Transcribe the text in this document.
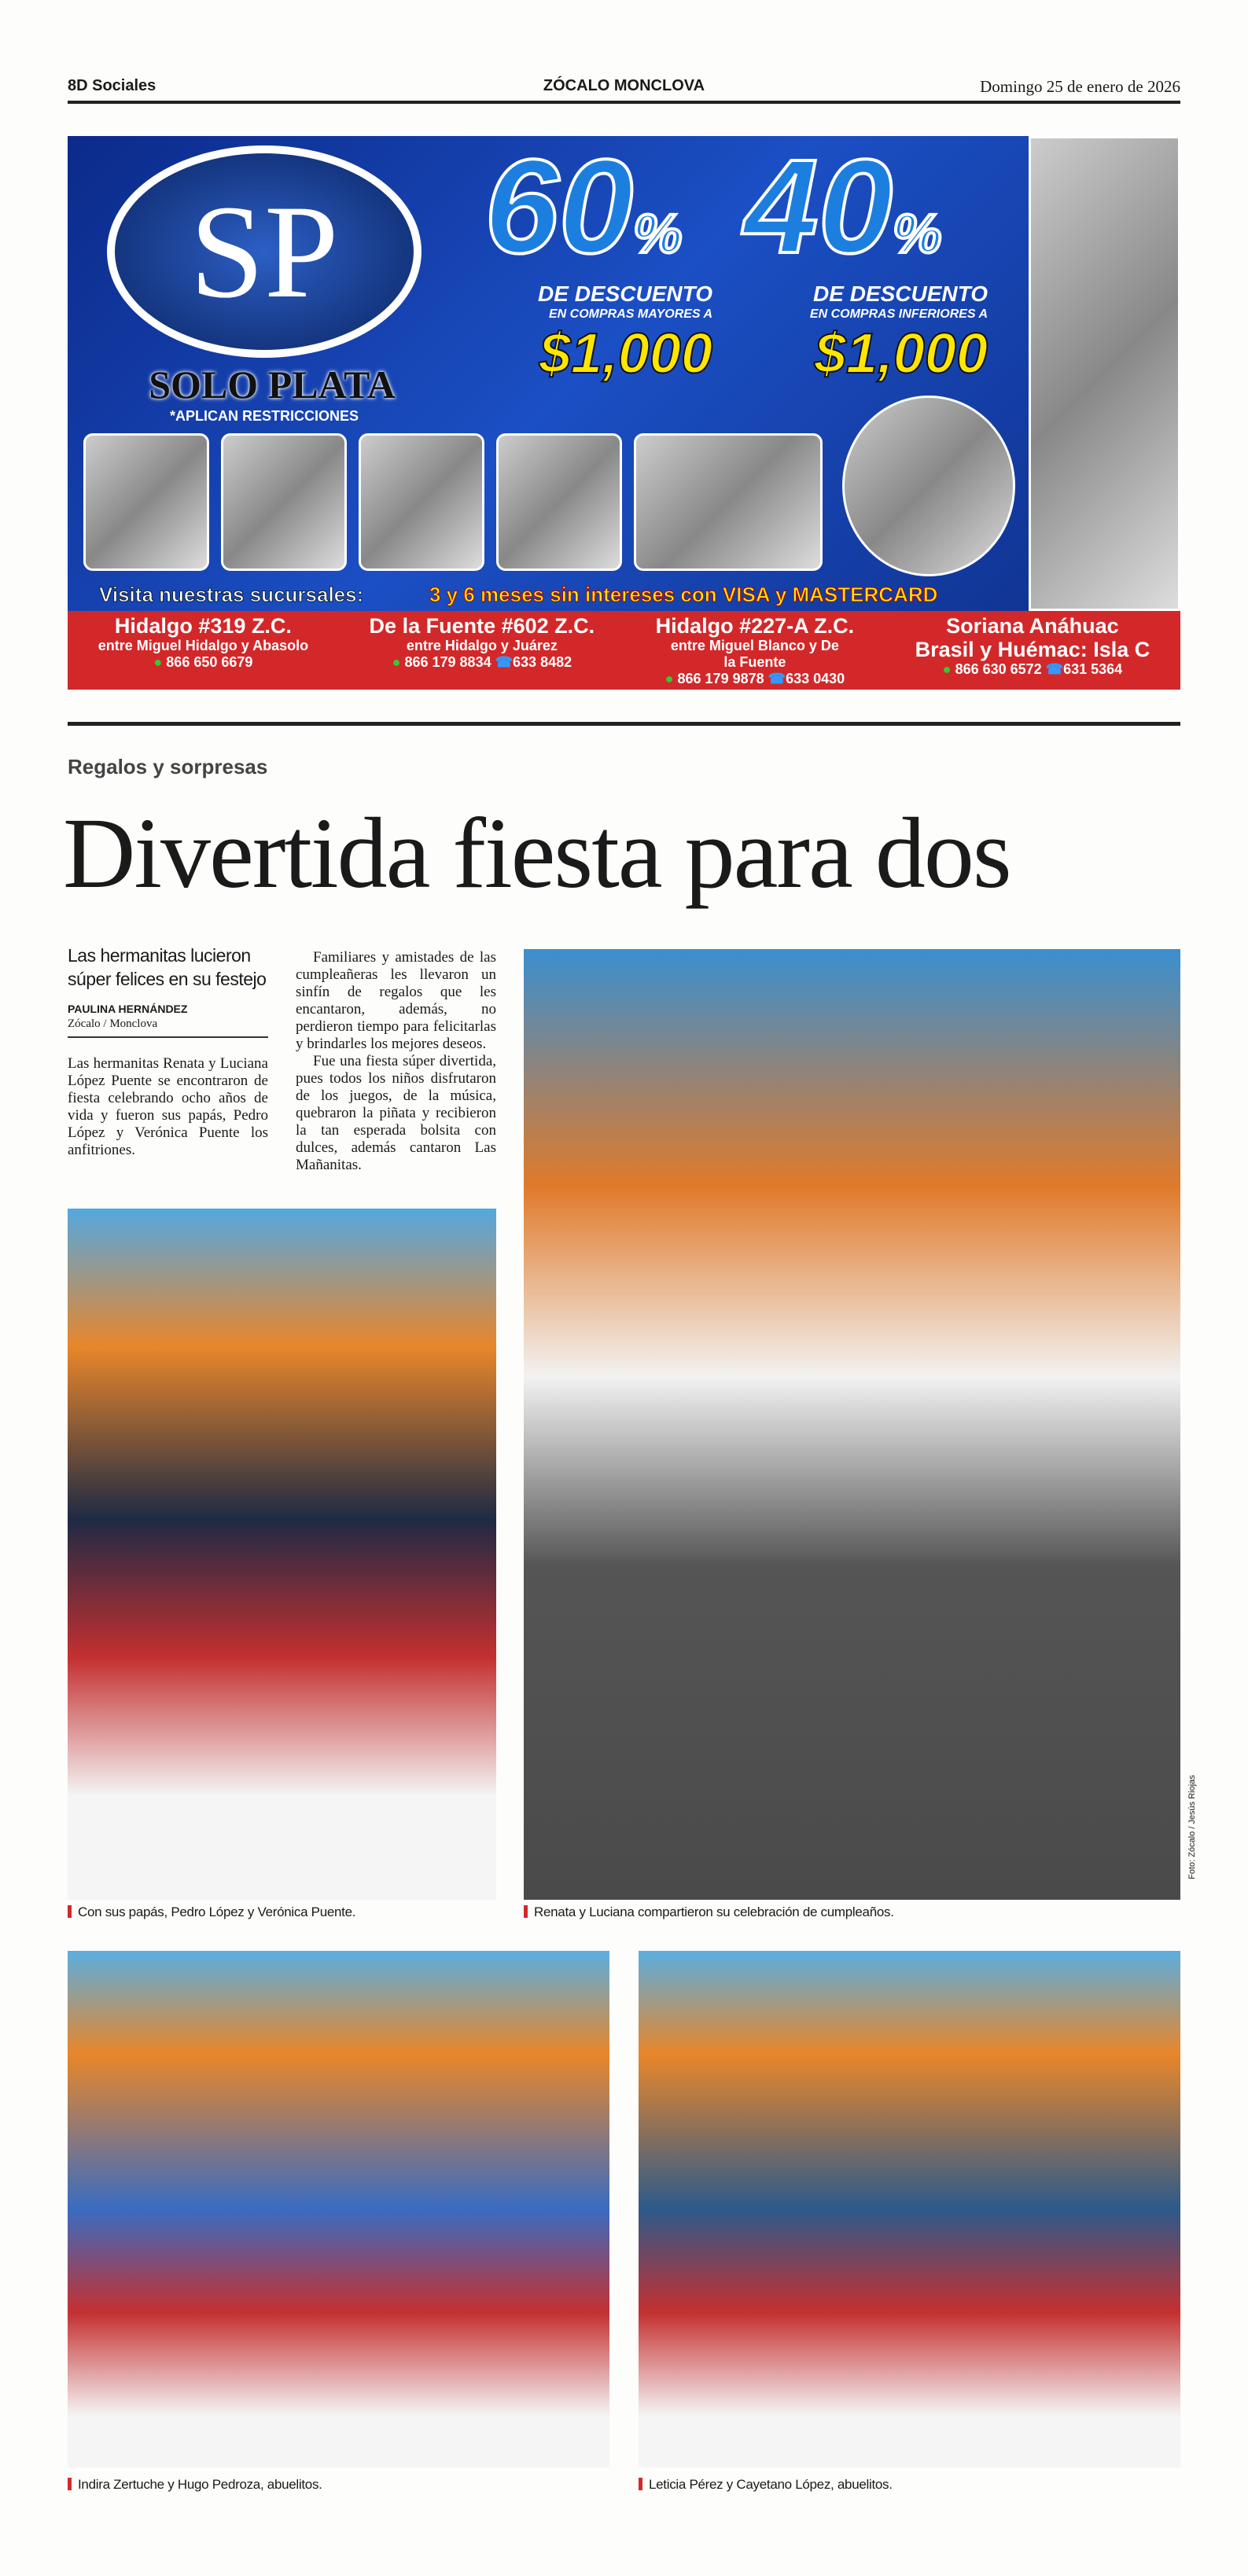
8D Sociales	ZÓCALO MONCLOVA	Domingo 25 de enero de 2026
SP
SOLO PLATA
*APLICAN RESTRICCIONES
60%
DE DESCUENTO
EN COMPRAS MAYORES A
$1,000
40%
DE DESCUENTO
EN COMPRAS INFERIORES A
$1,000
Visita nuestras sucursales:	3 y 6 meses sin intereses con VISA y MASTERCARD
Hidalgo #319 Z.C.
entre Miguel Hidalgo y Abasolo
● 866 650 6679
De la Fuente #602 Z.C.
entre Hidalgo y Juárez
● 866 179 8834 ☎633 8482
Hidalgo #227-A Z.C.
entre Miguel Blanco y De la Fuente
● 866 179 9878 ☎633 0430
Soriana Anáhuac
Brasil y Huémac: Isla C
● 866 630 6572 ☎631 5364
Regalos y sorpresas
Divertida fiesta para dos
Las hermanitas lucieron súper felices en su festejo
PAULINA HERNÁNDEZ
Zócalo / Monclova

Las hermanitas Renata y Luciana López Puente se encontraron de fiesta celebrando ocho años de vida y fueron sus papás, Pedro López y Verónica Puente los anfitriones.

Familiares y amistades de las cumpleañeras les llevaron un sinfín de regalos que les encantaron, además, no perdieron tiempo para felicitarlas y brindarles los mejores deseos.

Fue una fiesta súper divertida, pues todos los niños disfrutaron de los juegos, de la música, quebraron la piñata y recibieron la tan esperada bolsita con dulces, además cantaron Las Mañanitas.

Con sus papás, Pedro López y Verónica Puente.	Renata y Luciana compartieron su celebración de cumpleaños.
Foto: Zócalo / Jesús Riojas
Indira Zertuche y Hugo Pedroza, abuelitos.	Leticia Pérez y Cayetano López, abuelitos.
